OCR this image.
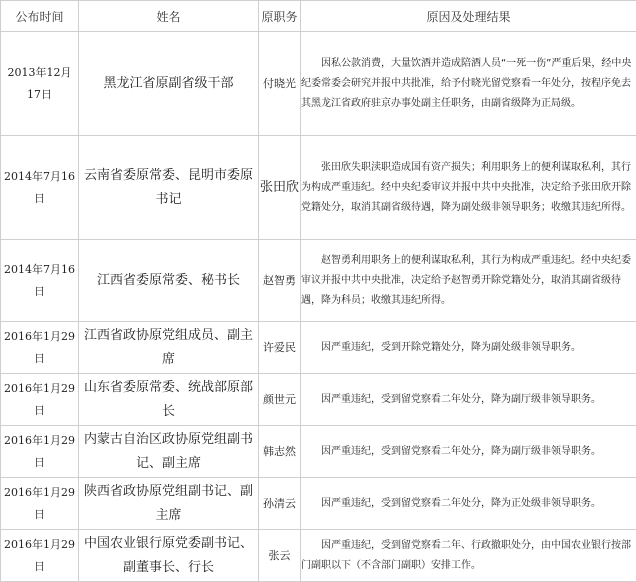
公布时间	姓名	原职务	原因及处理结果
2013年12月17日	黑龙江省原副省级干部	付晓光	因私公款消费，大量饮酒并造成陪酒人员“一死一伤”严重后果，经中央纪委常委会研究并报中共批准，给予付晓光留党察看一年处分，按程序免去其黑龙江省政府驻京办事处副主任职务，由副省级降为正局级。

2014年7月16日	云南省委原常委、昆明市委原书记	张田欣	张田欣失职渎职造成国有资产损失；利用职务上的便利谋取私利，其行为构成严重违纪。经中央纪委审议并报中共中央批准，决定给予张田欣开除党籍处分，取消其副省级待遇，降为副处级非领导职务；收缴其违纪所得。

2014年7月16日	江西省委原常委、秘书长	赵智勇	赵智勇利用职务上的便利谋取私利，其行为构成严重违纪。经中央纪委审议并报中共中央批准，决定给予赵智勇开除党籍处分，取消其副省级待遇，降为科员；收缴其违纪所得。

2016年1月29日	江西省政协原党组成员、副主席	许爱民	因严重违纪，受到开除党籍处分，降为副处级非领导职务。

2016年1月29日	山东省委原常委、统战部原部长	颜世元	因严重违纪，受到留党察看二年处分，降为副厅级非领导职务。

2016年1月29日	内蒙古自治区政协原党组副书记、副主席	韩志然	因严重违纪，受到留党察看二年处分，降为副厅级非领导职务。

2016年1月29日	陕西省政协原党组副书记、副主席	孙清云	因严重违纪，受到留党察看二年处分，降为正处级非领导职务。

2016年1月29日	中国农业银行原党委副书记、副董事长、行长	张云	因严重违纪，受到留党察看二年、行政撤职处分，由中国农业银行按部门副职以下（不含部门副职）安排工作。
